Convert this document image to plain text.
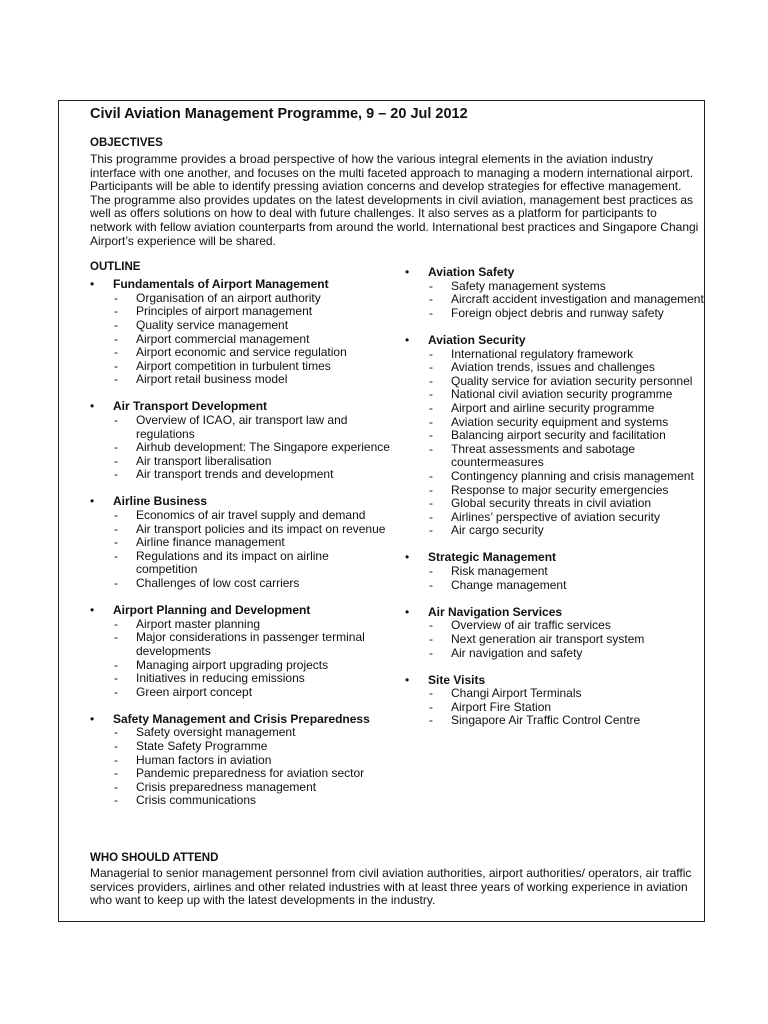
Civil Aviation Management Programme, 9 – 20 Jul 2012
OBJECTIVES

This programme provides a broad perspective of how the various integral elements in the aviation industry interface with one another, and focuses on the multi faceted approach to managing a modern international airport. Participants will be able to identify pressing aviation concerns and develop strategies for effective management. The programme also provides updates on the latest developments in civil aviation, management best practices as well as offers solutions on how to deal with future challenges. It also serves as a platform for participants to network with fellow aviation counterparts from around the world. International best practices and Singapore Changi Airport’s experience will be shared.

OUTLINE
• Fundamentals of Airport Management
- Organisation of an airport authority
- Principles of airport management
- Quality service management
- Airport commercial management
- Airport economic and service regulation
- Airport competition in turbulent times
- Airport retail business model
• Air Transport Development
- Overview of ICAO, air transport law and regulations
- Airhub development: The Singapore experience
- Air transport liberalisation
- Air transport trends and development
• Airline Business
- Economics of air travel supply and demand
- Air transport policies and its impact on revenue
- Airline finance management
- Regulations and its impact on airline competition
- Challenges of low cost carriers
• Airport Planning and Development
- Airport master planning
- Major considerations in passenger terminal developments
- Managing airport upgrading projects
- Initiatives in reducing emissions
- Green airport concept
• Safety Management and Crisis Preparedness
- Safety oversight management
- State Safety Programme
- Human factors in aviation
- Pandemic preparedness for aviation sector
- Crisis preparedness management
- Crisis communications
• Aviation Safety
- Safety management systems
- Aircraft accident investigation and management
- Foreign object debris and runway safety
• Aviation Security
- International regulatory framework
- Aviation trends, issues and challenges
- Quality service for aviation security personnel
- National civil aviation security programme
- Airport and airline security programme
- Aviation security equipment and systems
- Balancing airport security and facilitation
- Threat assessments and sabotage countermeasures
- Contingency planning and crisis management
- Response to major security emergencies
- Global security threats in civil aviation
- Airlines’ perspective of aviation security
- Air cargo security
• Strategic Management
- Risk management
- Change management
• Air Navigation Services
- Overview of air traffic services
- Next generation air transport system
- Air navigation and safety
• Site Visits
- Changi Airport Terminals
- Airport Fire Station
- Singapore Air Traffic Control Centre
WHO SHOULD ATTEND

Managerial to senior management personnel from civil aviation authorities, airport authorities/ operators, air traffic services providers, airlines and other related industries with at least three years of working experience in aviation who want to keep up with the latest developments in the industry.
